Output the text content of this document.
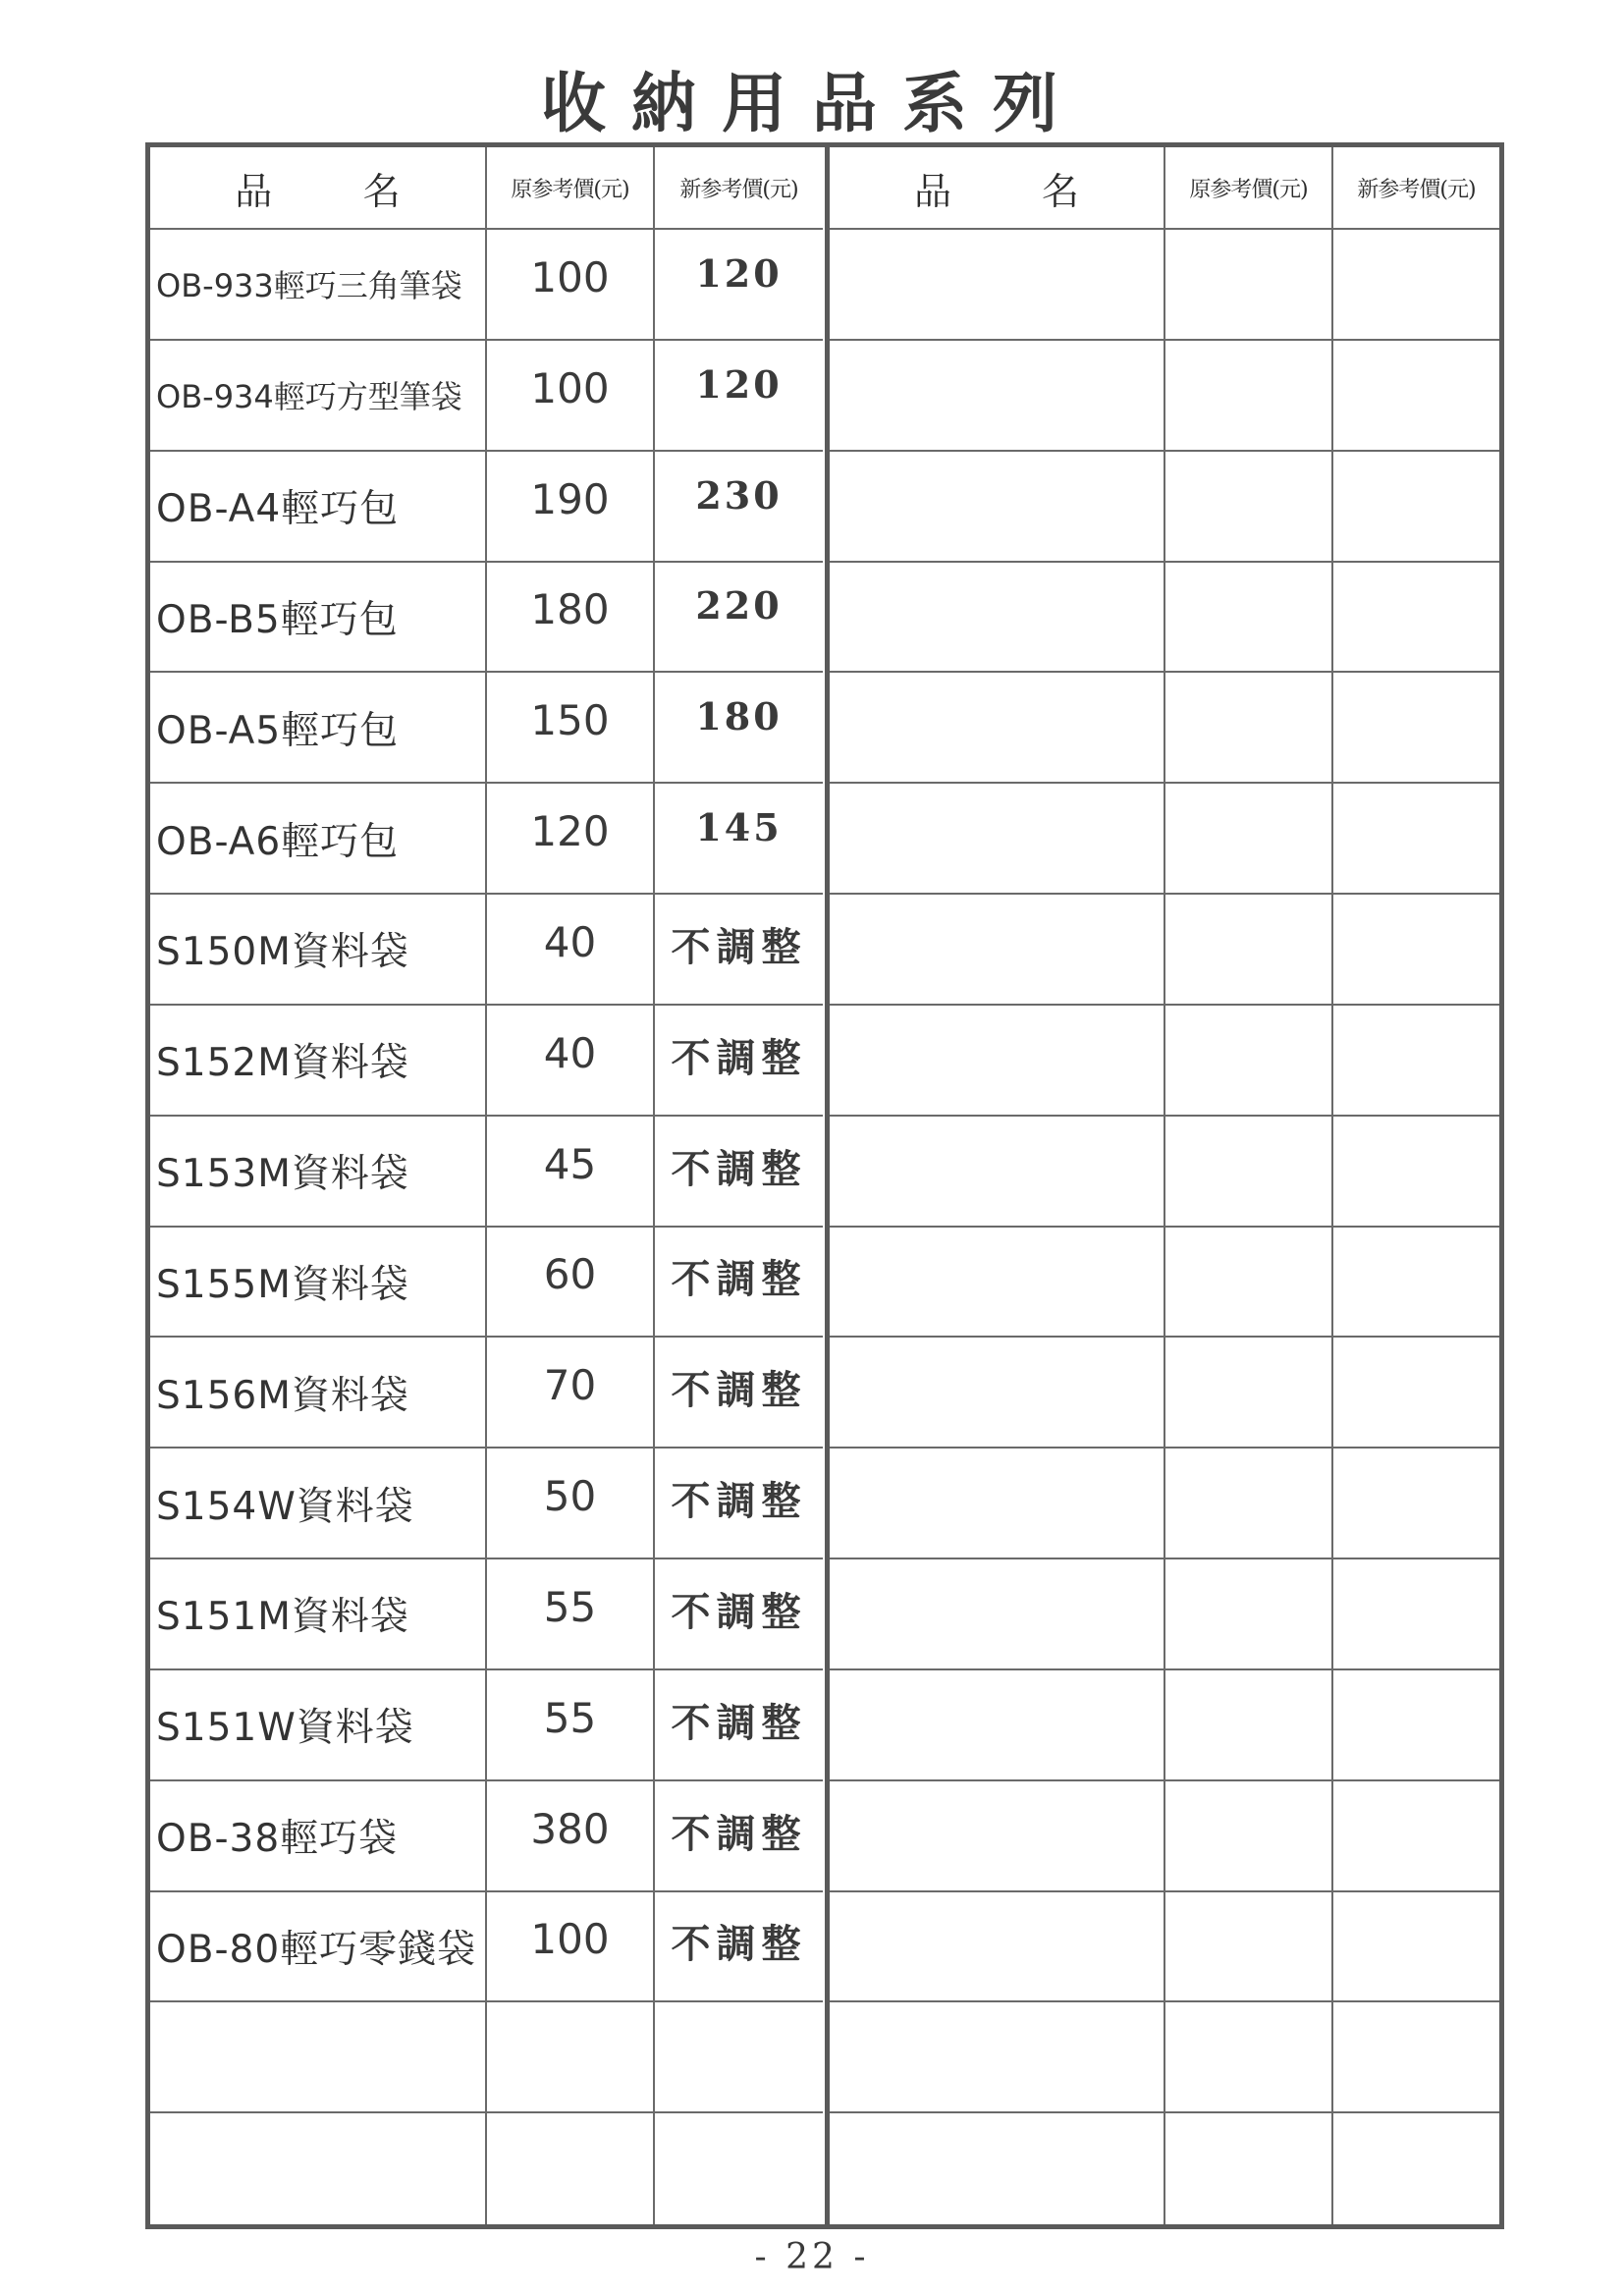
收納用品系列
品 名	原参考價(元)	新参考價(元)
OB-933輕巧三角筆袋	100	120
OB-934輕巧方型筆袋	100	120
OB-A4輕巧包	190	230
OB-B5輕巧包	180	220
OB-A5輕巧包	150	180
OB-A6輕巧包	120	145
S150M資料袋	40	不調整
S152M資料袋	40	不調整
S153M資料袋	45	不調整
S155M資料袋	60	不調整
S156M資料袋	70	不調整
S154W資料袋	50	不調整
S151M資料袋	55	不調整
S151W資料袋	55	不調整
OB-38輕巧袋	380	不調整
OB-80輕巧零錢袋	100	不調整
品 名	原参考價(元)	新参考價(元)
- 22 -
